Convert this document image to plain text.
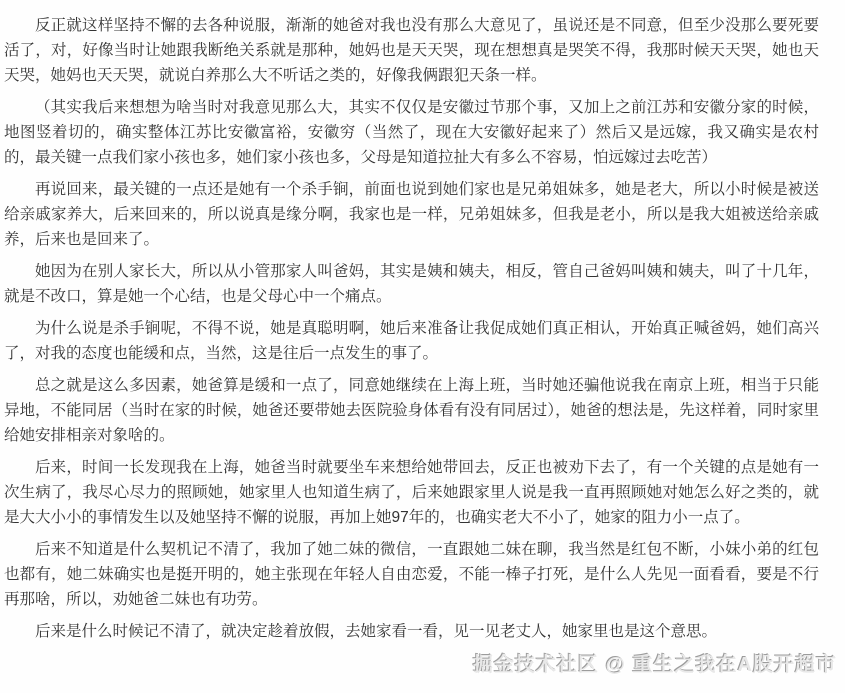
反正就这样坚持不懈的去各种说服，渐渐的她爸对我也没有那么大意见了，虽说还是不同意，但至少没那么要死要活了，对，好像当时让她跟我断绝关系就是那种，她妈也是天天哭，现在想想真是哭笑不得，我那时候天天哭，她也天天哭，她妈也天天哭，就说白养那么大不听话之类的，好像我俩跟犯天条一样。

（其实我后来想想为啥当时对我意见那么大，其实不仅仅是安徽过节那个事，又加上之前江苏和安徽分家的时候，地图竖着切的，确实整体江苏比安徽富裕，安徽穷（当然了，现在大安徽好起来了）然后又是远嫁，我又确实是农村的，最关键一点我们家小孩也多，她们家小孩也多，父母是知道拉扯大有多么不容易，怕远嫁过去吃苦）

再说回来，最关键的一点还是她有一个杀手锏，前面也说到她们家也是兄弟姐妹多，她是老大，所以小时候是被送给亲戚家养大，后来回来的，所以说真是缘分啊，我家也是一样，兄弟姐妹多，但我是老小，所以是我大姐被送给亲戚养，后来也是回来了。

她因为在别人家长大，所以从小管那家人叫爸妈，其实是姨和姨夫，相反，管自己爸妈叫姨和姨夫，叫了十几年，就是不改口，算是她一个心结，也是父母心中一个痛点。

为什么说是杀手锏呢，不得不说，她是真聪明啊，她后来准备让我促成她们真正相认，开始真正喊爸妈，她们高兴了，对我的态度也能缓和点，当然，这是往后一点发生的事了。

总之就是这么多因素，她爸算是缓和一点了，同意她继续在上海上班，当时她还骗他说我在南京上班，相当于只能异地，不能同居（当时在家的时候，她爸还要带她去医院验身体看有没有同居过），她爸的想法是，先这样着，同时家里给她安排相亲对象啥的。

后来，时间一长发现我在上海，她爸当时就要坐车来想给她带回去，反正也被劝下去了，有一个关键的点是她有一次生病了，我尽心尽力的照顾她，她家里人也知道生病了，后来她跟家里人说是我一直再照顾她对她怎么好之类的，就是大大小小的事情发生以及她坚持不懈的说服，再加上她97年的，也确实老大不小了，她家的阻力小一点了。

后来不知道是什么契机记不清了，我加了她二妹的微信，一直跟她二妹在聊，我当然是红包不断，小妹小弟的红包也都有，她二妹确实也是挺开明的，她主张现在年轻人自由恋爱，不能一棒子打死，是什么人先见一面看看，要是不行再那啥，所以，劝她爸二妹也有功劳。

后来是什么时候记不清了，就决定趁着放假，去她家看一看，见一见老丈人，她家里也是这个意思。

掘金技术社区 @ 重生之我在A股开超市
